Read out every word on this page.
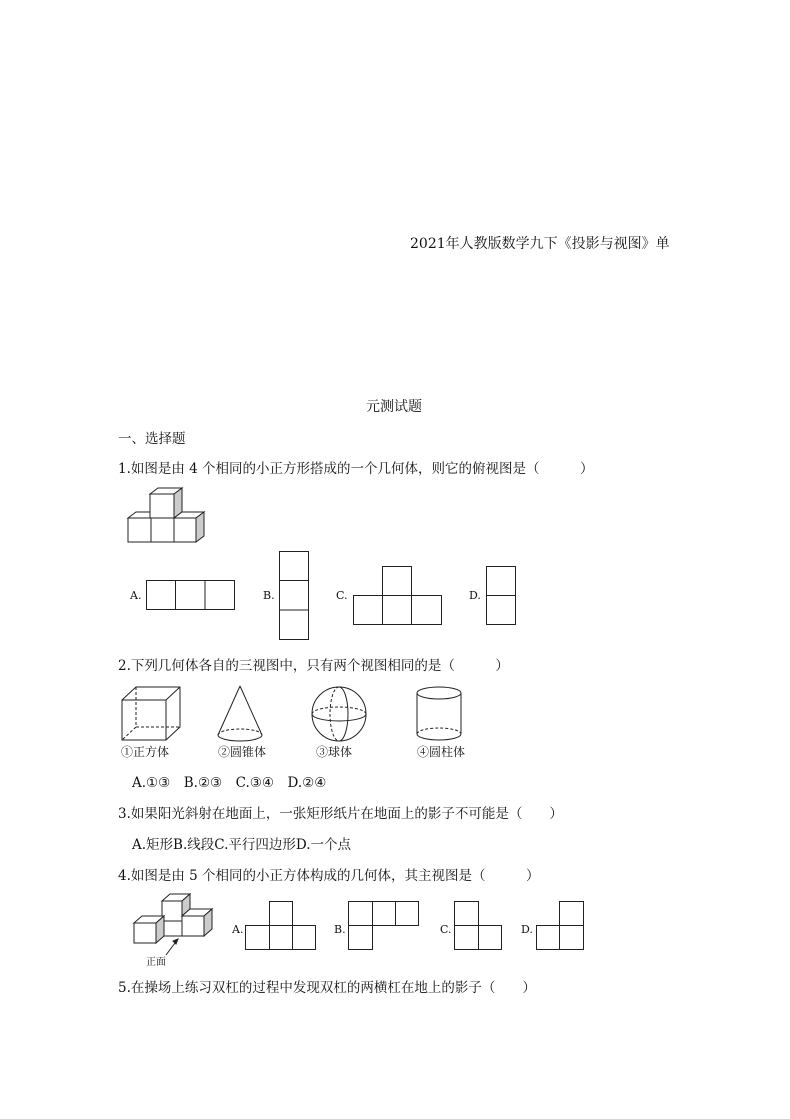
2021年人教版数学九下《投影与视图》单
元测试题
一、选择题
1.如图是由 4 个相同的小正方形搭成的一个几何体，则它的俯视图是（　　　）
A.	B.	C.	D.
2.下列几何体各自的三视图中，只有两个视图相同的是（　　　）
①正方体	②圆锥体	③球体	④圆柱体
A.①③　B.②③　C.③④　D.②④
3.如果阳光斜射在地面上，一张矩形纸片在地面上的影子不可能是（　　）
A.矩形B.线段C.平行四边形D.一个点
4.如图是由 5 个相同的小正方体构成的几何体，其主视图是（　　　）
正面
A.	B.	C.	D.
5.在操场上练习双杠的过程中发现双杠的两横杠在地上的影子（　　）
